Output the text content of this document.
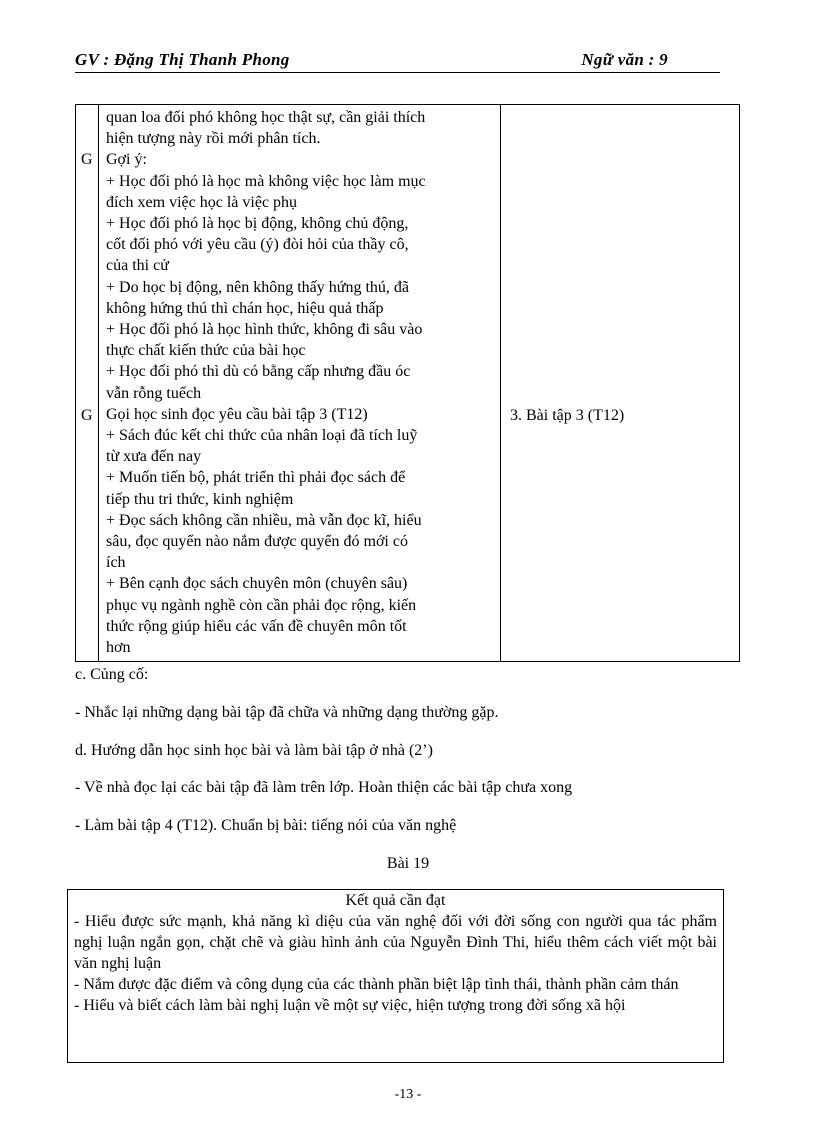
GV : Đặng Thị Thanh Phong	Ngữ văn : 9
G
G
quan loa đối phó không học thật sự, cần giải thích
hiện tượng này rồi mới phân tích.
Gợi ý:
+ Học đối phó là học mà không việc học làm mục
đích xem việc học là việc phụ
+ Học đối phó là học bị động, không chủ động,
cốt đối phó với yêu cầu (ý) đòi hỏi của thầy cô,
của thi cử
+ Do học bị động, nên không thấy hứng thú, đã
không hứng thú thì chán học, hiệu quả thấp
+ Học đối phó là học hình thức, không đi sâu vào
thực chất kiến thức của bài học
+ Học đối phó thì dù có bằng cấp nhưng đầu óc
vẫn rỗng tuếch
Gọi học sinh đọc yêu cầu bài tập 3 (T12)
+ Sách đúc kết chi thức của nhân loại đã tích luỹ
từ xưa đến nay
+ Muốn tiến bộ, phát triển thì phải đọc sách để
tiếp thu tri thức, kinh nghiệm
+ Đọc sách không cần nhiều, mà vẫn đọc kĩ, hiểu
sâu, đọc quyển nào nắm được quyển đó mới có
ích
+ Bên cạnh đọc sách chuyên môn (chuyên sâu)
phục vụ ngành nghề còn cần phải đọc rộng, kiến
thức rộng giúp hiểu các vấn đề chuyên môn tốt
hơn
3. Bài tập 3 (T12)
c. Củng cố:
- Nhắc lại những dạng bài tập đã chữa và những dạng thường gặp.
d. Hướng dẫn học sinh học bài và làm bài tập ở nhà (2’)
- Về nhà đọc lại các bài tập đã làm trên lớp. Hoàn thiện các bài tập chưa xong
- Làm bài tập 4 (T12). Chuẩn bị bài: tiếng nói của văn nghệ
Bài 19
Kết quả cần đạt
- Hiểu được sức mạnh, khả năng kì diệu của văn nghệ đối với đời sống con người qua tác phẩm nghị luận ngắn gọn, chặt chẽ và giàu hình ảnh của Nguyễn Đình Thi, hiểu thêm cách viết một bài văn nghị luận
- Nắm được đặc điểm và công dụng của các thành phần biệt lập tình thái, thành phần cảm thán
- Hiểu và biết cách làm bài nghị luận về một sự việc, hiện tượng trong đời sống xã hội
-13 -
